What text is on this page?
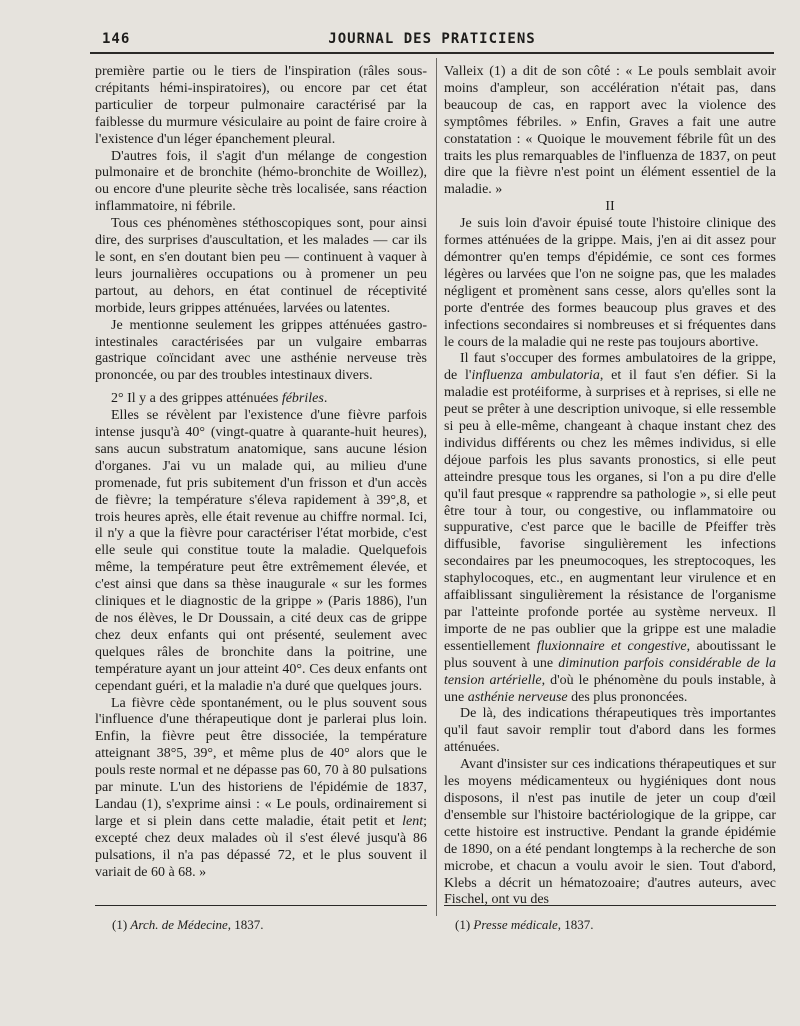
146	JOURNAL DES PRATICIENS

première partie ou le tiers de l'inspiration (râles sous-crépitants hémi-inspiratoires), ou encore par cet état particulier de torpeur pulmonaire caractérisé par la faiblesse du murmure vésiculaire au point de faire croire à l'existence d'un léger épanchement pleural.

D'autres fois, il s'agit d'un mélange de congestion pulmonaire et de bronchite (hémo-bronchite de Woillez), ou encore d'une pleurite sèche très localisée, sans réaction inflammatoire, ni fébrile.

Tous ces phénomènes stéthoscopiques sont, pour ainsi dire, des surprises d'auscultation, et les malades — car ils le sont, en s'en doutant bien peu — continuent à vaquer à leurs journalières occupations ou à promener un peu partout, au dehors, en état continuel de réceptivité morbide, leurs grippes atténuées, larvées ou latentes.

Je mentionne seulement les grippes atténuées gastro-intestinales caractérisées par un vulgaire embarras gastrique coïncidant avec une asthénie nerveuse très prononcée, ou par des troubles intestinaux divers.

2° Il y a des grippes atténuées fébriles.

Elles se révèlent par l'existence d'une fièvre parfois intense jusqu'à 40° (vingt-quatre à quarante-huit heures), sans aucun substratum anatomique, sans aucune lésion d'organes. J'ai vu un malade qui, au milieu d'une promenade, fut pris subitement d'un frisson et d'un accès de fièvre; la température s'éleva rapidement à 39°,8, et trois heures après, elle était revenue au chiffre normal. Ici, il n'y a que la fièvre pour caractériser l'état morbide, c'est elle seule qui constitue toute la maladie. Quelquefois même, la température peut être extrêmement élevée, et c'est ainsi que dans sa thèse inaugurale « sur les formes cliniques et le diagnostic de la grippe » (Paris 1886), l'un de nos élèves, le Dr Doussain, a cité deux cas de grippe chez deux enfants qui ont présenté, seulement avec quelques râles de bronchite dans la poitrine, une température ayant un jour atteint 40°. Ces deux enfants ont cependant guéri, et la maladie n'a duré que quelques jours.

La fièvre cède spontanément, ou le plus souvent sous l'influence d'une thérapeutique dont je parlerai plus loin. Enfin, la fièvre peut être dissociée, la température atteignant 38°5, 39°, et même plus de 40° alors que le pouls reste normal et ne dépasse pas 60, 70 à 80 pulsations par minute. L'un des historiens de l'épidémie de 1837, Landau (1), s'exprime ainsi : « Le pouls, ordinairement si large et si plein dans cette maladie, était petit et lent; excepté chez deux malades où il s'est élevé jusqu'à 86 pulsations, il n'a pas dépassé 72, et le plus souvent il variait de 60 à 68. »

Valleix (1) a dit de son côté : « Le pouls semblait avoir moins d'ampleur, son accélération n'était pas, dans beaucoup de cas, en rapport avec la violence des symptômes fébriles. » Enfin, Graves a fait une autre constatation : « Quoique le mouvement fébrile fût un des traits les plus remarquables de l'influenza de 1837, on peut dire que la fièvre n'est point un élément essentiel de la maladie. »

II

Je suis loin d'avoir épuisé toute l'histoire clinique des formes atténuées de la grippe. Mais, j'en ai dit assez pour démontrer qu'en temps d'épidémie, ce sont ces formes légères ou larvées que l'on ne soigne pas, que les malades négligent et promènent sans cesse, alors qu'elles sont la porte d'entrée des formes beaucoup plus graves et des infections secondaires si nombreuses et si fréquentes dans le cours de la maladie qui ne reste pas toujours abortive.

Il faut s'occuper des formes ambulatoires de la grippe, de l'influenza ambulatoria, et il faut s'en défier. Si la maladie est protéiforme, à surprises et à reprises, si elle ne peut se prêter à une description univoque, si elle ressemble si peu à elle-même, changeant à chaque instant chez des individus différents ou chez les mêmes individus, si elle déjoue parfois les plus savants pronostics, si elle peut atteindre presque tous les organes, si l'on a pu dire d'elle qu'il faut presque « rapprendre sa pathologie », si elle peut être tour à tour, ou congestive, ou inflammatoire ou suppurative, c'est parce que le bacille de Pfeiffer très diffusible, favorise singulièrement les infections secondaires par les pneumocoques, les streptocoques, les staphylocoques, etc., en augmentant leur virulence et en affaiblissant singulièrement la résistance de l'organisme par l'atteinte profonde portée au système nerveux. Il importe de ne pas oublier que la grippe est une maladie essentiellement fluxionnaire et congestive, aboutissant le plus souvent à une diminution parfois considérable de la tension artérielle, d'où le phénomène du pouls instable, à une asthénie nerveuse des plus prononcées.

De là, des indications thérapeutiques très importantes qu'il faut savoir remplir tout d'abord dans les formes atténuées.

Avant d'insister sur ces indications thérapeutiques et sur les moyens médicamenteux ou hygiéniques dont nous disposons, il n'est pas inutile de jeter un coup d'œil d'ensemble sur l'histoire bactériologique de la grippe, car cette histoire est instructive. Pendant la grande épidémie de 1890, on a été pendant longtemps à la recherche de son microbe, et chacun a voulu avoir le sien. Tout d'abord, Klebs a décrit un hématozoaire; d'autres auteurs, avec Fischel, ont vu des

(1) Arch. de Médecine, 1837.	(1) Presse médicale, 1837.
